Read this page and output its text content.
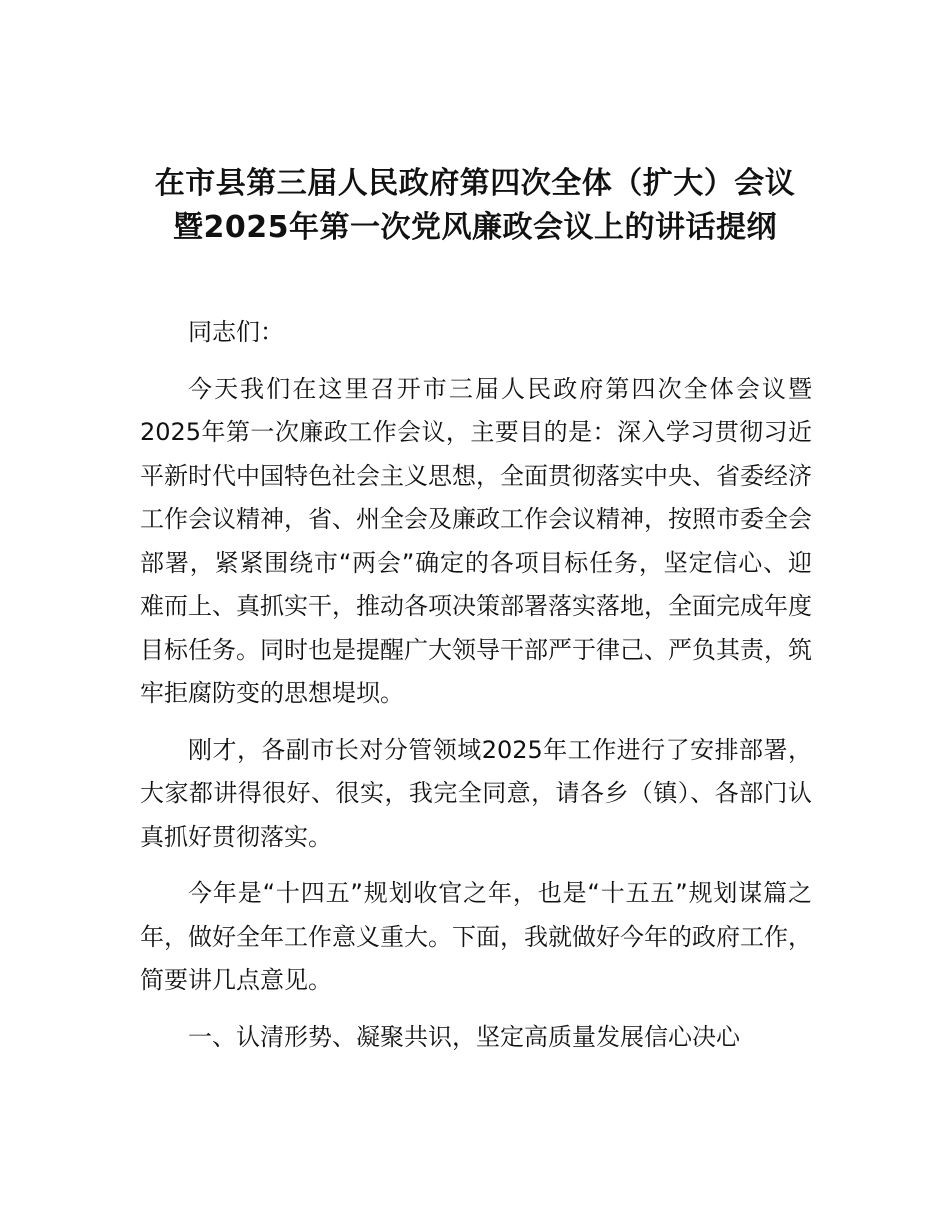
在市县第三届人民政府第四次全体（扩大）会议暨2025年第一次党风廉政会议上的讲话提纲

同志们：

今天我们在这里召开市三届人民政府第四次全体会议暨2025年第一次廉政工作会议，主要目的是：深入学习贯彻习近平新时代中国特色社会主义思想，全面贯彻落实中央、省委经济工作会议精神，省、州全会及廉政工作会议精神，按照市委全会部署，紧紧围绕市“两会”确定的各项目标任务，坚定信心、迎难而上、真抓实干，推动各项决策部署落实落地，全面完成年度目标任务。同时也是提醒广大领导干部严于律己、严负其责，筑牢拒腐防变的思想堤坝。

刚才，各副市长对分管领域2025年工作进行了安排部署，大家都讲得很好、很实，我完全同意，请各乡（镇）、各部门认真抓好贯彻落实。

今年是“十四五”规划收官之年，也是“十五五”规划谋篇之年，做好全年工作意义重大。下面，我就做好今年的政府工作，简要讲几点意见。

一、认清形势、凝聚共识，坚定高质量发展信心决心
